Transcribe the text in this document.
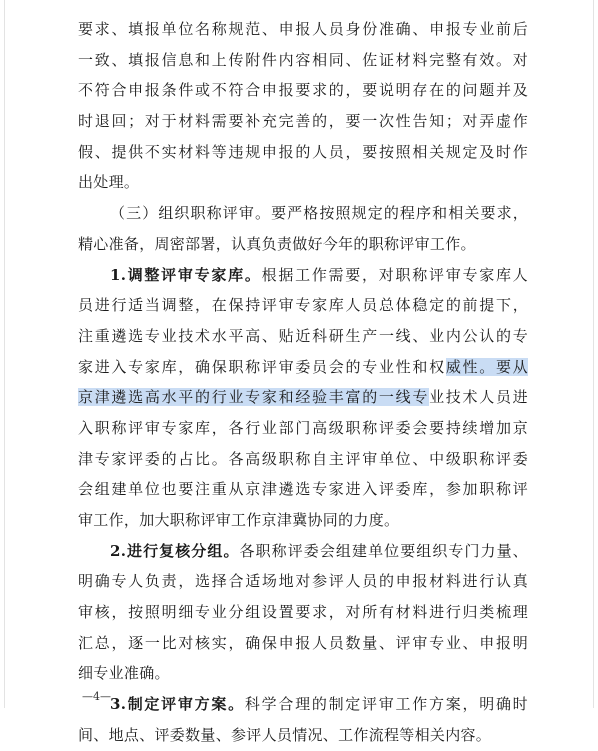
要求、填报单位名称规范、申报人员身份准确、申报专业前后
一致、填报信息和上传附件内容相同、佐证材料完整有效。对
不符合申报条件或不符合申报要求的，要说明存在的问题并及
时退回；对于材料需要补充完善的，要一次性告知；对弄虚作
假、提供不实材料等违规申报的人员，要按照相关规定及时作
出处理。
（三）组织职称评审。要严格按照规定的程序和相关要求，
精心准备，周密部署，认真负责做好今年的职称评审工作。
1.调整评审专家库。根据工作需要，对职称评审专家库人
员进行适当调整，在保持评审专家库人员总体稳定的前提下，
注重遴选专业技术水平高、贴近科研生产一线、业内公认的专
家进入专家库，确保职称评审委员会的专业性和权威性。要从
京津遴选高水平的行业专家和经验丰富的一线专业技术人员进
入职称评审专家库，各行业部门高级职称评委会要持续增加京
津专家评委的占比。各高级职称自主评审单位、中级职称评委
会组建单位也要注重从京津遴选专家进入评委库，参加职称评
审工作，加大职称评审工作京津冀协同的力度。
2.进行复核分组。各职称评委会组建单位要组织专门力量、
明确专人负责，选择合适场地对参评人员的申报材料进行认真
审核，按照明细专业分组设置要求，对所有材料进行归类梳理
汇总，逐一比对核实，确保申报人员数量、评审专业、申报明
细专业准确。
3.制定评审方案。科学合理的制定评审工作方案，明确时
间、地点、评委数量、参评人员情况、工作流程等相关内容。
—4—
